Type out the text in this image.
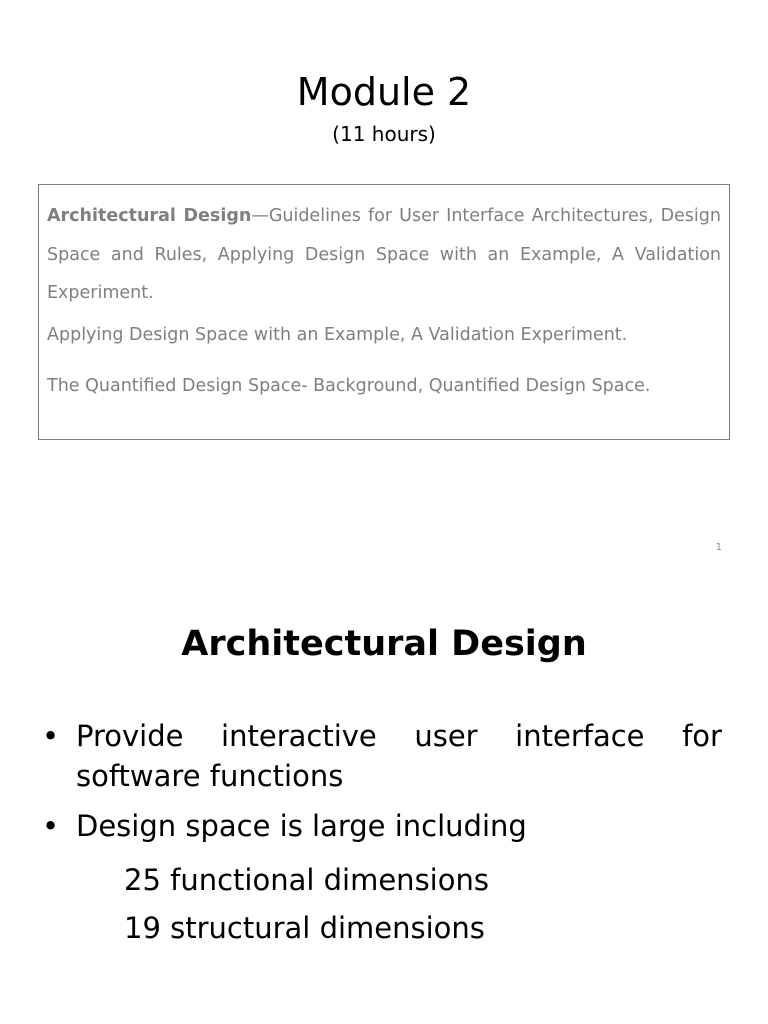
Module 2
(11 hours)

Architectural Design—Guidelines for User Interface Architectures, Design Space and Rules, Applying Design Space with an Example, A Validation Experiment.

Applying Design Space with an Example, A Validation Experiment.

The Quantified Design Space- Background, Quantified Design Space.

1
Architectural Design
• Provide interactive user interface for
software functions
• Design space is large including
25 functional dimensions
19 structural dimensions
